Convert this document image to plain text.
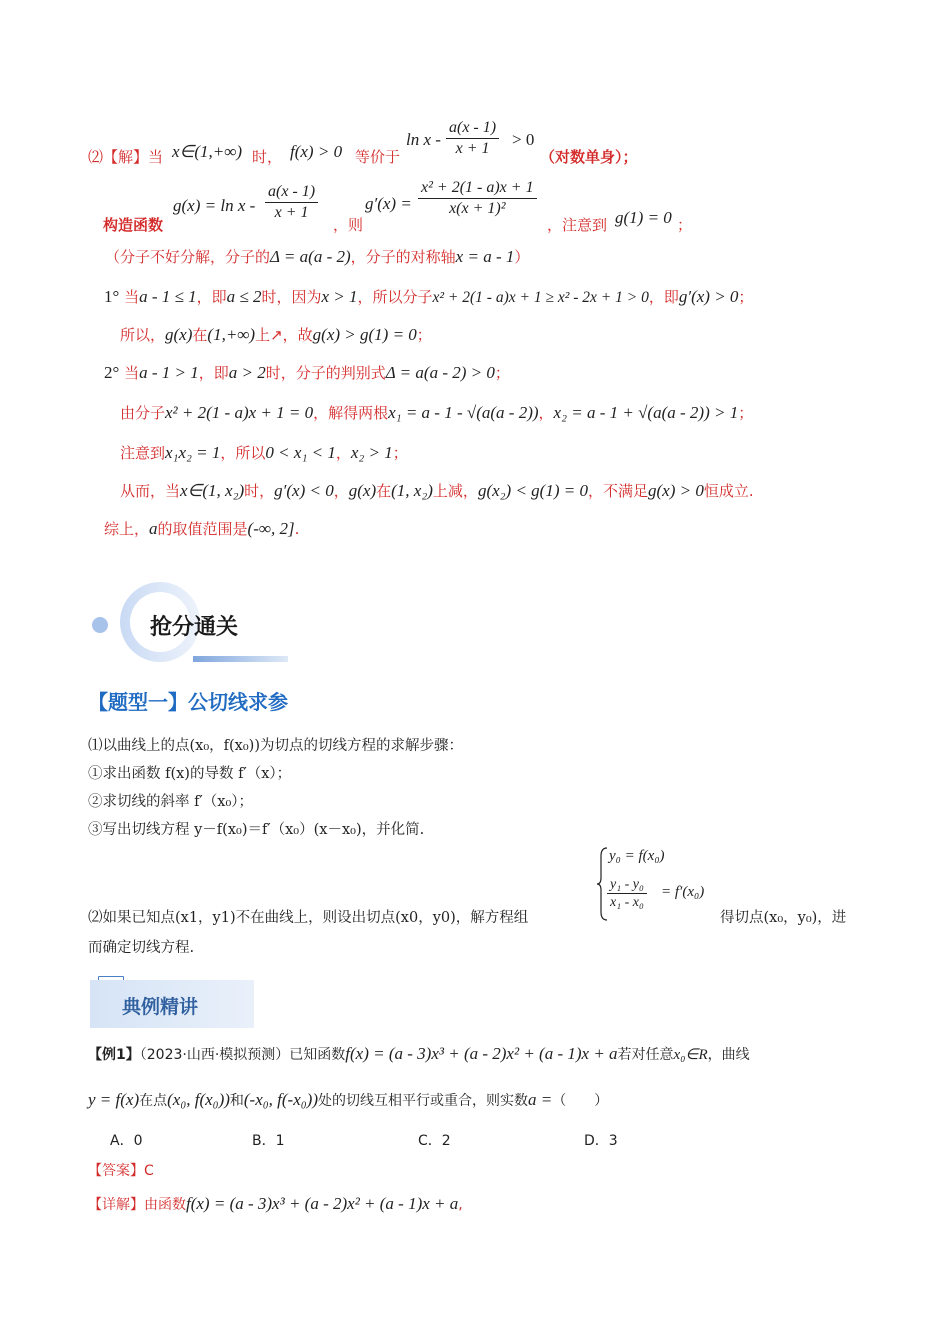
⑵【解】当 x∈(1,+∞) 时， f(x) > 0 等价于
$\ln x - \frac{a(x - 1)}{x + 1} > 0$
（对数单身）；
构造函数
$g(x) = \ln x - \frac{a(x - 1)}{x + 1}$
，则
$g'(x) = \frac{\text{x² + 2(1 - a)x + 1}}{\text{x(x + 1)²}}$
，注意到 g(1) = 0 ；
（分子不好分解，分子的Δ = a(a - 2)，分子的对称轴x = a - 1）
1° 当a - 1 ≤ 1，即a ≤ 2时，因为x > 1，所以分子x² + 2(1 - a)x + 1 ≥ x² - 2x + 1 > 0，即g′(x) > 0；
所以，g(x)在(1,+∞)上↗，故g(x) > g(1) = 0；
2° 当a - 1 > 1，即a > 2时，分子的判别式Δ = a(a - 2) > 0；
由分子x² + 2(1 - a)x + 1 = 0，解得两根x₁ = a - 1 - √(a(a - 2))，x₂ = a - 1 + √(a(a - 2)) > 1；
注意到x₁x₂ = 1，所以0 < x₁ < 1，x₂ > 1；
从而，当x∈(1, x₂)时，g′(x) < 0，g(x)在(1, x₂)上减，g(x₂) < g(1) = 0，不满足g(x) > 0恒成立.
综上，a的取值范围是(-∞, 2].
抢分通关
【题型一】公切线求参
⑴以曲线上的点(x₀，f(x₀))为切点的切线方程的求解步骤：
①求出函数 f(x)的导数 f′（x）；
②求切线的斜率 f′（x₀）；
③写出切线方程 y－f(x₀)＝f′（x₀）(x－x₀)，并化简.
y₀ = f(x₀)
$\frac{\text{y₁ - y₀}}{\text{x₁ - x₀}} = f'(x_0)$
⑵如果已知点(x1，y1)不在曲线上，则设出切点(x0，y0)，解方程组	得切点(x₀，y₀)，进
而确定切线方程.
典例精讲
【例1】（2023·山西·模拟预测）已知函数f(x) = (a - 3)x³ + (a - 2)x² + (a - 1)x + a若对任意x₀∈R，曲线
y = f(x)在点(x₀, f(x₀))和(-x₀, f(-x₀))处的切线互相平行或重合，则实数a =（　　）
A．0	B．1	C．2	D．3
【答案】C
【详解】由函数f(x) = (a - 3)x³ + (a - 2)x² + (a - 1)x + a,
